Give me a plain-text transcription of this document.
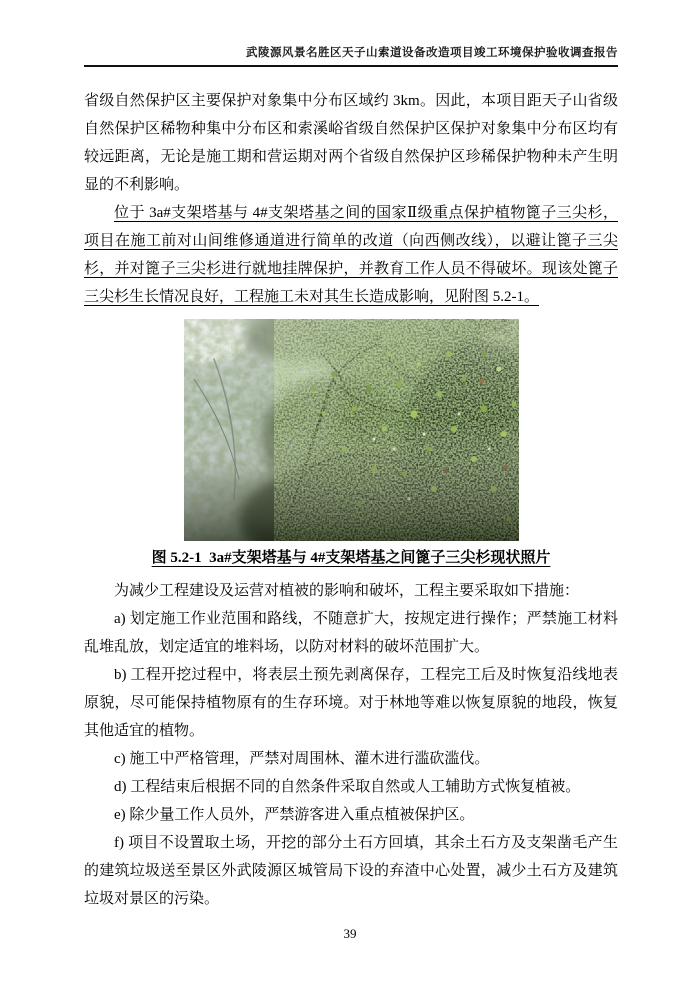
武陵源风景名胜区天子山索道设备改造项目竣工环境保护验收调查报告

省级自然保护区主要保护对象集中分布区域约 3km。因此，本项目距天子山省级自然保护区稀物种集中分布区和索溪峪省级自然保护区保护对象集中分布区均有较远距离，无论是施工期和营运期对两个省级自然保护区珍稀保护物种未产生明显的不利影响。

位于 3a#支架塔基与 4#支架塔基之间的国家Ⅱ级重点保护植物篦子三尖杉，项目在施工前对山间维修通道进行简单的改道（向西侧改线），以避让篦子三尖杉，并对篦子三尖杉进行就地挂牌保护，并教育工作人员不得破坏。现该处篦子三尖杉生长情况良好，工程施工未对其生长造成影响，见附图 5.2-1。

图 5.2-1  3a#支架塔基与 4#支架塔基之间篦子三尖杉现状照片

为减少工程建设及运营对植被的影响和破坏，工程主要采取如下措施：

a) 划定施工作业范围和路线，不随意扩大，按规定进行操作；严禁施工材料乱堆乱放，划定适宜的堆料场，以防对材料的破坏范围扩大。

b) 工程开挖过程中，将表层土预先剥离保存，工程完工后及时恢复沿线地表原貌，尽可能保持植物原有的生存环境。对于林地等难以恢复原貌的地段，恢复其他适宜的植物。

c) 施工中严格管理，严禁对周围林、灌木进行滥砍滥伐。

d) 工程结束后根据不同的自然条件采取自然或人工辅助方式恢复植被。

e) 除少量工作人员外，严禁游客进入重点植被保护区。

f) 项目不设置取土场，开挖的部分土石方回填，其余土石方及支架凿毛产生的建筑垃圾送至景区外武陵源区城管局下设的弃渣中心处置，减少土石方及建筑垃圾对景区的污染。

39
